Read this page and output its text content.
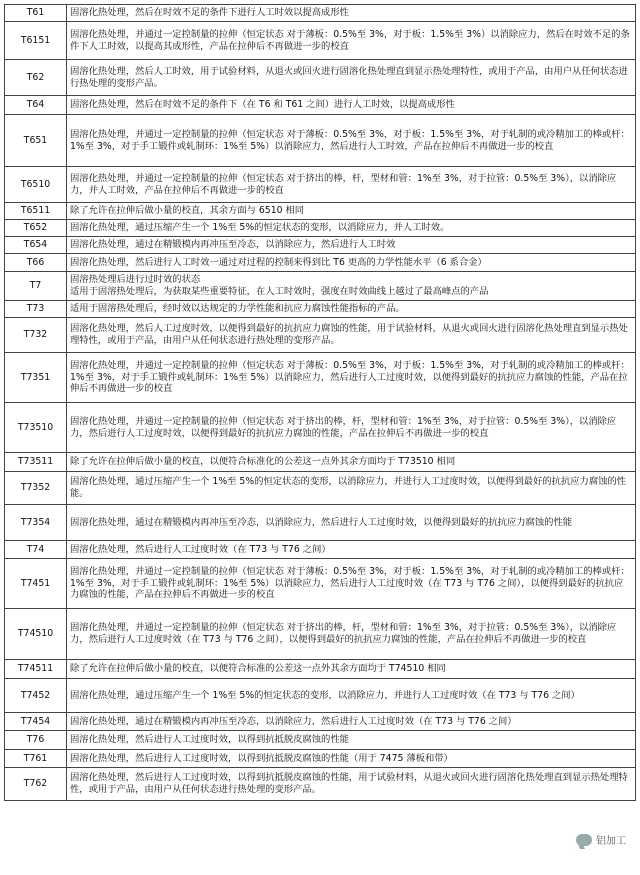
T61	固溶化热处理，然后在时效不足的条件下进行人工时效以提高成形性
T6151	固溶化热处理，并通过一定控制量的拉伸（恒定状态 对于薄板：0.5%至 3%，对于板：1.5%至 3%）以消除应力，然后在时效不足的条件下人工时效，以提高其成形性，产品在拉伸后不再做进一步的校直
T62	固溶化热处理，然后人工时效，用于试验材料，从退火或回火进行固溶化热处理直到显示热处理特性，或用于产品，由用户从任何状态进行热处理的变形产品。
T64	固溶化热处理，然后在时效不足的条件下（在 T6 和 T61 之间）进行人工时效，以提高成形性
T651	固溶化热处理，并通过一定控制量的拉伸（恒定状态 对于薄板：0.5%至 3%，对于板：1.5%至 3%，对于轧制的或冷精加工的棒或杆：1%至 3%，对于手工锻件或轧制环：1%至 5%）以消除应力，然后进行人工时效，产品在拉伸后不再做进一步的校直
T6510	固溶化热处理，并通过一定控制量的拉伸（恒定状态 对于挤出的棒，杆，型材和管：1%至 3%，对于拉管：0.5%至 3%），以消除应力，并人工时效，产品在拉伸后不再做进一步的校直
T6511	除了允许在拉伸后做小量的校直，其余方面与 6510 相同
T652	固溶化热处理，通过压缩产生一个 1%至 5%的恒定状态的变形，以消除应力，并人工时效。
T654	固溶化热处理，通过在精锻模内再冲压至冷态，以消除应力，然后进行人工时效
T66	固溶化热处理，然后进行人工时效一通过对过程的控制来得到比 T6 更高的力学性能水平（6 系合金）
T7	固溶热处理后进行过时效的状态
适用于固溶热处理后，为获取某些重要特征，在人工时效时，强度在时效曲线上越过了最高峰点的产品
T73	适用于固溶热处理后，经时效以达规定的力学性能和抗应力腐蚀性能指标的产品。
T732	固溶化热处理，然后人工过度时效，以便得到最好的抗抗应力腐蚀的性能，用于试验材料，从退火或回火进行固溶化热处理直到显示热处理特性，或用于产品，由用户从任何状态进行热处理的变形产品。
T7351	固溶化热处理，并通过一定控制量的拉伸（恒定状态 对于薄板：0.5%至 3%，对于板：1.5%至 3%，对于轧制的或冷精加工的棒或杆：1%至 3%，对于手工锻件或轧制环：1%至 5%）以消除应力，然后进行人工过度时效，以便得到最好的抗抗应力腐蚀的性能，产品在拉伸后不再做进一步的校直
T73510	固溶化热处理，并通过一定控制量的拉伸（恒定状态 对于挤出的棒，杆，型材和管：1%至 3%，对于拉管：0.5%至 3%），以消除应力，然后进行人工过度时效，以便得到最好的抗抗应力腐蚀的性能，产品在拉伸后不再做进一步的校直
T73511	除了允许在拉伸后做小量的校直，以便符合标准化的公差这一点外其余方面均于 T73510 相同
T7352	固溶化热处理，通过压缩产生一个 1%至 5%的恒定状态的变形，以消除应力，并进行人工过度时效，以便得到最好的抗抗应力腐蚀的性能。
T7354	固溶化热处理，通过在精锻模内再冲压至冷态，以消除应力，然后进行人工过度时效，以便得到最好的抗抗应力腐蚀的性能
T74	固溶化热处理，然后进行人工过度时效（在 T73 与 T76 之间）
T7451	固溶化热处理，并通过一定控制量的拉伸（恒定状态 对于薄板：0.5%至 3%，对于板：1.5%至 3%，对于轧制的或冷精加工的棒或杆：1%至 3%，对于手工锻件或轧制环：1%至 5%）以消除应力，然后进行人工过度时效（在 T73 与 T76 之间），以便得到最好的抗抗应力腐蚀的性能，产品在拉伸后不再做进一步的校直
T74510	固溶化热处理，并通过一定控制量的拉伸（恒定状态 对于挤出的棒，杆，型材和管：1%至 3%，对于拉管：0.5%至 3%），以消除应力，然后进行人工过度时效（在 T73 与 T76 之间），以便得到最好的抗抗应力腐蚀的性能，产品在拉伸后不再做进一步的校直
T74511	除了允许在拉伸后做小量的校直，以便符合标准的公差这一点外其余方面均于 T74510 相同
T7452	固溶化热处理，通过压缩产生一个 1%至 5%的恒定状态的变形，以消除应力，并进行人工过度时效（在 T73 与 T76 之间）
T7454	固溶化热处理，通过在精锻模内再冲压至冷态，以消除应力，然后进行人工过度时效（在 T73 与 T76 之间）
T76	固溶化热处理，然后进行人工过度时效，以得到抗抵脱皮腐蚀的性能
T761	固溶化热处理，然后进行人工过度时效，以得到抗抵脱皮腐蚀的性能（用于 7475 薄板和带）
T762	固溶化热处理，然后进行人工过度时效，以得到抗抵脱皮腐蚀的性能，用于试验材料，从退火或回火进行固溶化热处理直到显示热处理特性，或用于产品，由用户从任何状态进行热处理的变形产品。
铝加工
